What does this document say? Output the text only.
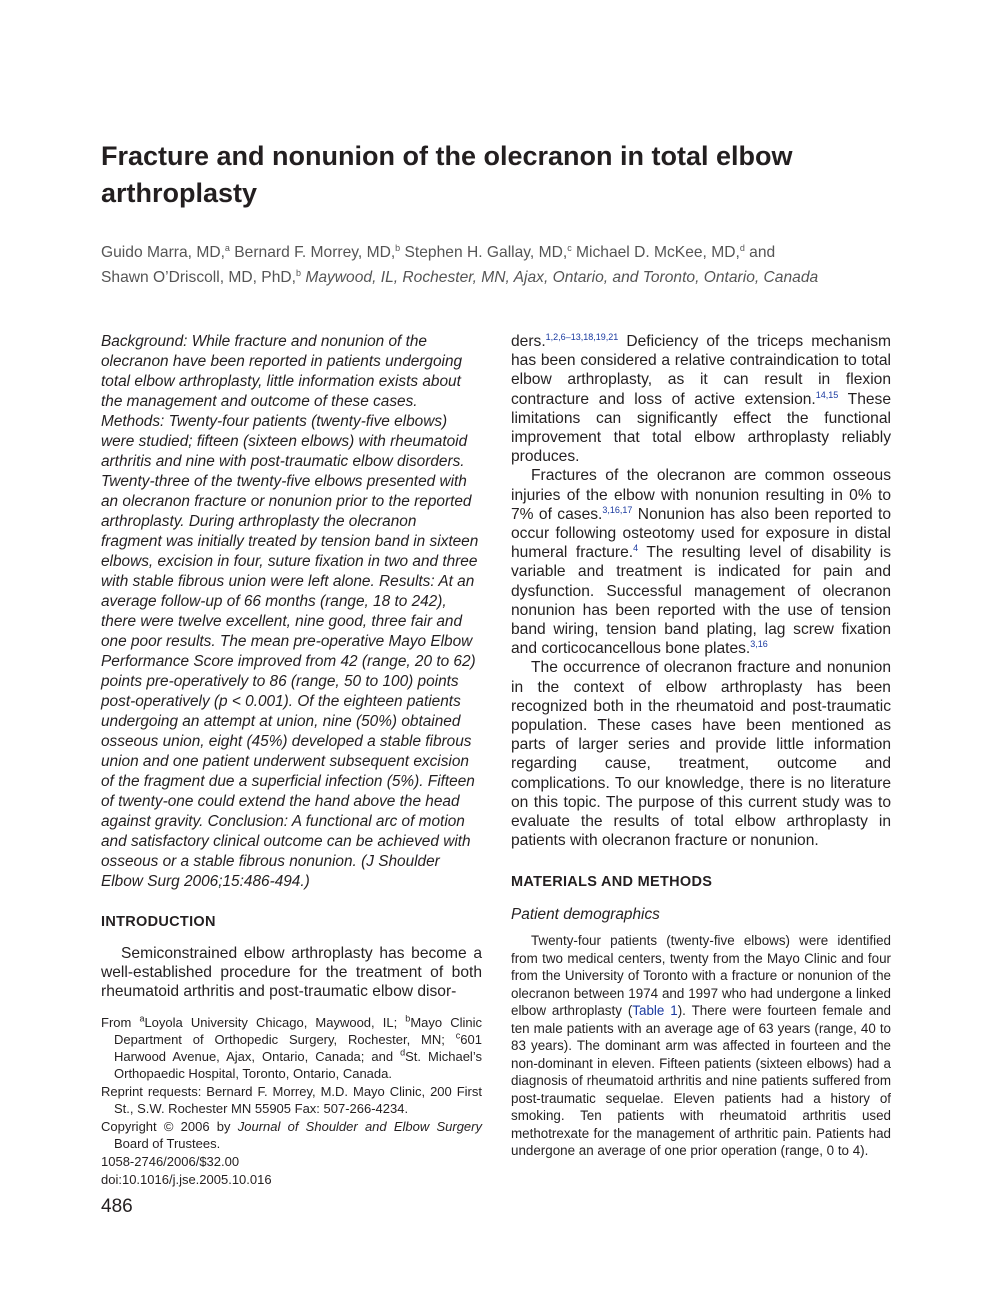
Fracture and nonunion of the olecranon in total elbow arthroplasty
Guido Marra, MD,$^a$ Bernard F. Morrey, MD,$^b$ Stephen H. Gallay, MD,$^c$ Michael D. McKee, MD,$^d$ and
Shawn O’Driscoll, MD, PhD,$^b$ Maywood, IL, Rochester, MN, Ajax, Ontario, and Toronto, Ontario, Canada
Background: While fracture and nonunion of the olecranon have been reported in patients undergoing total elbow arthroplasty, little information exists about the management and outcome of these cases. Methods: Twenty-four patients (twenty-five elbows) were studied; fifteen (sixteen elbows) with rheumatoid arthritis and nine with post-traumatic elbow disorders. Twenty-three of the twenty-five elbows presented with an olecranon fracture or nonunion prior to the reported arthroplasty. During arthroplasty the olecranon fragment was initially treated by tension band in sixteen elbows, excision in four, suture fixation in two and three with stable fibrous union were left alone. Results: At an average follow-up of 66 months (range, 18 to 242), there were twelve excellent, nine good, three fair and one poor results. The mean pre-operative Mayo Elbow Performance Score improved from 42 (range, 20 to 62) points pre-operatively to 86 (range, 50 to 100) points post-operatively (p < 0.001). Of the eighteen patients undergoing an attempt at union, nine (50%) obtained osseous union, eight (45%) developed a stable fibrous union and one patient underwent subsequent excision of the fragment due a superficial infection (5%). Fifteen of twenty-one could extend the hand above the head against gravity. Conclusion: A functional arc of motion and satisfactory clinical outcome can be achieved with osseous or a stable fibrous nonunion. (J Shoulder Elbow Surg 2006;15:486-494.)
INTRODUCTION

Semiconstrained elbow arthroplasty has become a well-established procedure for the treatment of both rheumatoid arthritis and post-traumatic elbow disor-

From $^a$Loyola University Chicago, Maywood, IL; $^b$Mayo Clinic Department of Orthopedic Surgery, Rochester, MN; $^c$601 Harwood Avenue, Ajax, Ontario, Canada; and $^d$St. Michael’s Orthopaedic Hospital, Toronto, Ontario, Canada.

Reprint requests: Bernard F. Morrey, M.D. Mayo Clinic, 200 First St., S.W. Rochester MN 55905 Fax: 507-266-4234.

Copyright © 2006 by Journal of Shoulder and Elbow Surgery Board of Trustees.

1058-2746/2006/$32.00

doi:10.1016/j.jse.2005.10.016

486

ders.$^{1,2,6-13,18,19,21}$ Deficiency of the triceps mechanism has been considered a relative contraindication to total elbow arthroplasty, as it can result in flexion contracture and loss of active extension.$^{14,15}$ These limitations can significantly effect the functional improvement that total elbow arthroplasty reliably produces.

Fractures of the olecranon are common osseous injuries of the elbow with nonunion resulting in 0% to 7% of cases.$^{3,16,17}$ Nonunion has also been reported to occur following osteotomy used for exposure in distal humeral fracture.$^4$ The resulting level of disability is variable and treatment is indicated for pain and dysfunction. Successful management of olecranon nonunion has been reported with the use of tension band wiring, tension band plating, lag screw fixation and corticocancellous bone plates.$^{3,16}$

The occurrence of olecranon fracture and nonunion in the context of elbow arthroplasty has been recognized both in the rheumatoid and post-traumatic population. These cases have been mentioned as parts of larger series and provide little information regarding cause, treatment, outcome and complications. To our knowledge, there is no literature on this topic. The purpose of this current study was to evaluate the results of total elbow arthroplasty in patients with olecranon fracture or nonunion.

MATERIALS AND METHODS
Patient demographics

Twenty-four patients (twenty-five elbows) were identified from two medical centers, twenty from the Mayo Clinic and four from the University of Toronto with a fracture or nonunion of the olecranon between 1974 and 1997 who had undergone a linked elbow arthroplasty (Table 1). There were fourteen female and ten male patients with an average age of 63 years (range, 40 to 83 years). The dominant arm was affected in fourteen and the non-dominant in eleven. Fifteen patients (sixteen elbows) had a diagnosis of rheumatoid arthritis and nine patients suffered from post-traumatic sequelae. Eleven patients had a history of smoking. Ten patients with rheumatoid arthritis used methotrexate for the management of arthritic pain. Patients had undergone an average of one prior operation (range, 0 to 4).
